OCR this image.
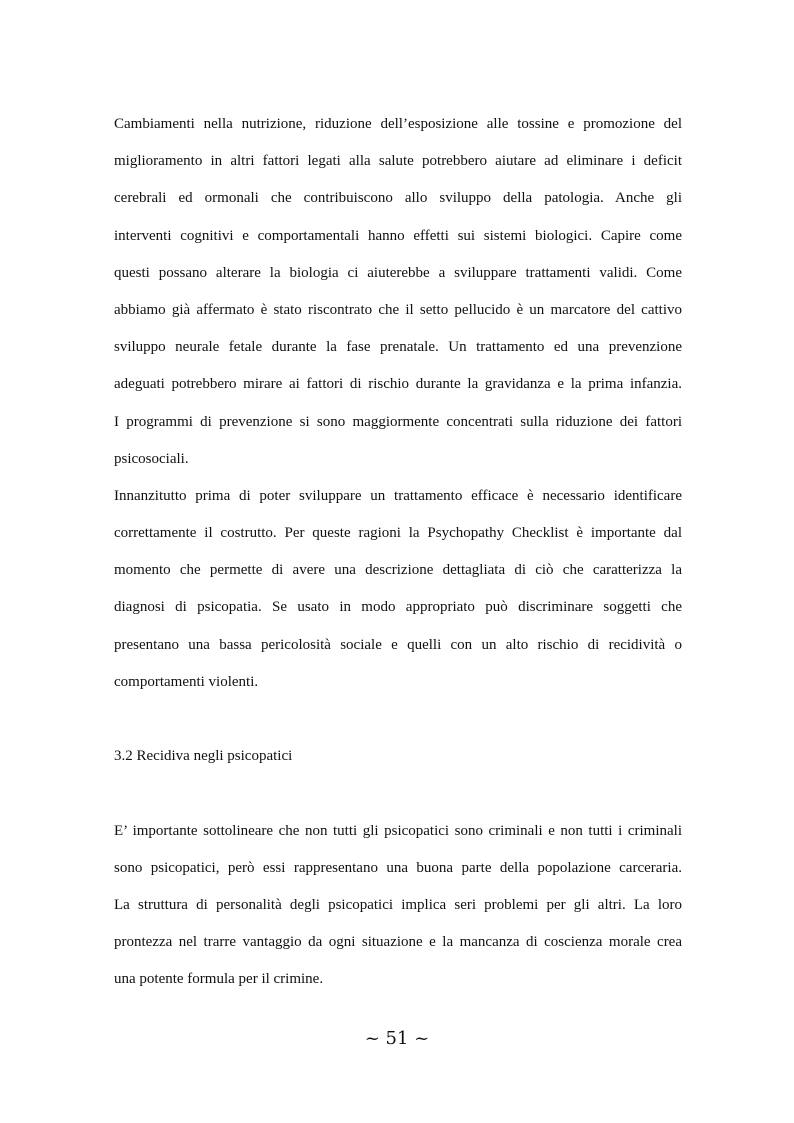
Cambiamenti nella nutrizione, riduzione dell’esposizione alle tossine e promozione del
miglioramento in altri fattori legati alla salute potrebbero aiutare ad eliminare i deficit
cerebrali ed ormonali che contribuiscono allo sviluppo della patologia. Anche gli
interventi cognitivi e comportamentali hanno effetti sui sistemi biologici. Capire come
questi possano alterare la biologia ci aiuterebbe a sviluppare trattamenti validi. Come
abbiamo già affermato è stato riscontrato che il setto pellucido è un marcatore del cattivo
sviluppo neurale fetale durante la fase prenatale. Un trattamento ed una prevenzione
adeguati potrebbero mirare ai fattori di rischio durante la gravidanza e la prima infanzia.
I programmi di prevenzione si sono maggiormente concentrati sulla riduzione dei fattori
psicosociali.
Innanzitutto prima di poter sviluppare un trattamento efficace è necessario identificare
correttamente il costrutto. Per queste ragioni la Psychopathy Checklist è importante dal
momento che permette di avere una descrizione dettagliata di ciò che caratterizza la
diagnosi di psicopatia. Se usato in modo appropriato può discriminare soggetti che
presentano una bassa pericolosità sociale e quelli con un alto rischio di recidività o
comportamenti violenti.
3.2 Recidiva negli psicopatici
E’ importante sottolineare che non tutti gli psicopatici sono criminali e non tutti i criminali
sono psicopatici, però essi rappresentano una buona parte della popolazione carceraria.
La struttura di personalità degli psicopatici implica seri problemi per gli altri. La loro
prontezza nel trarre vantaggio da ogni situazione e la mancanza di coscienza morale crea
una potente formula per il crimine.
~ 51 ~
